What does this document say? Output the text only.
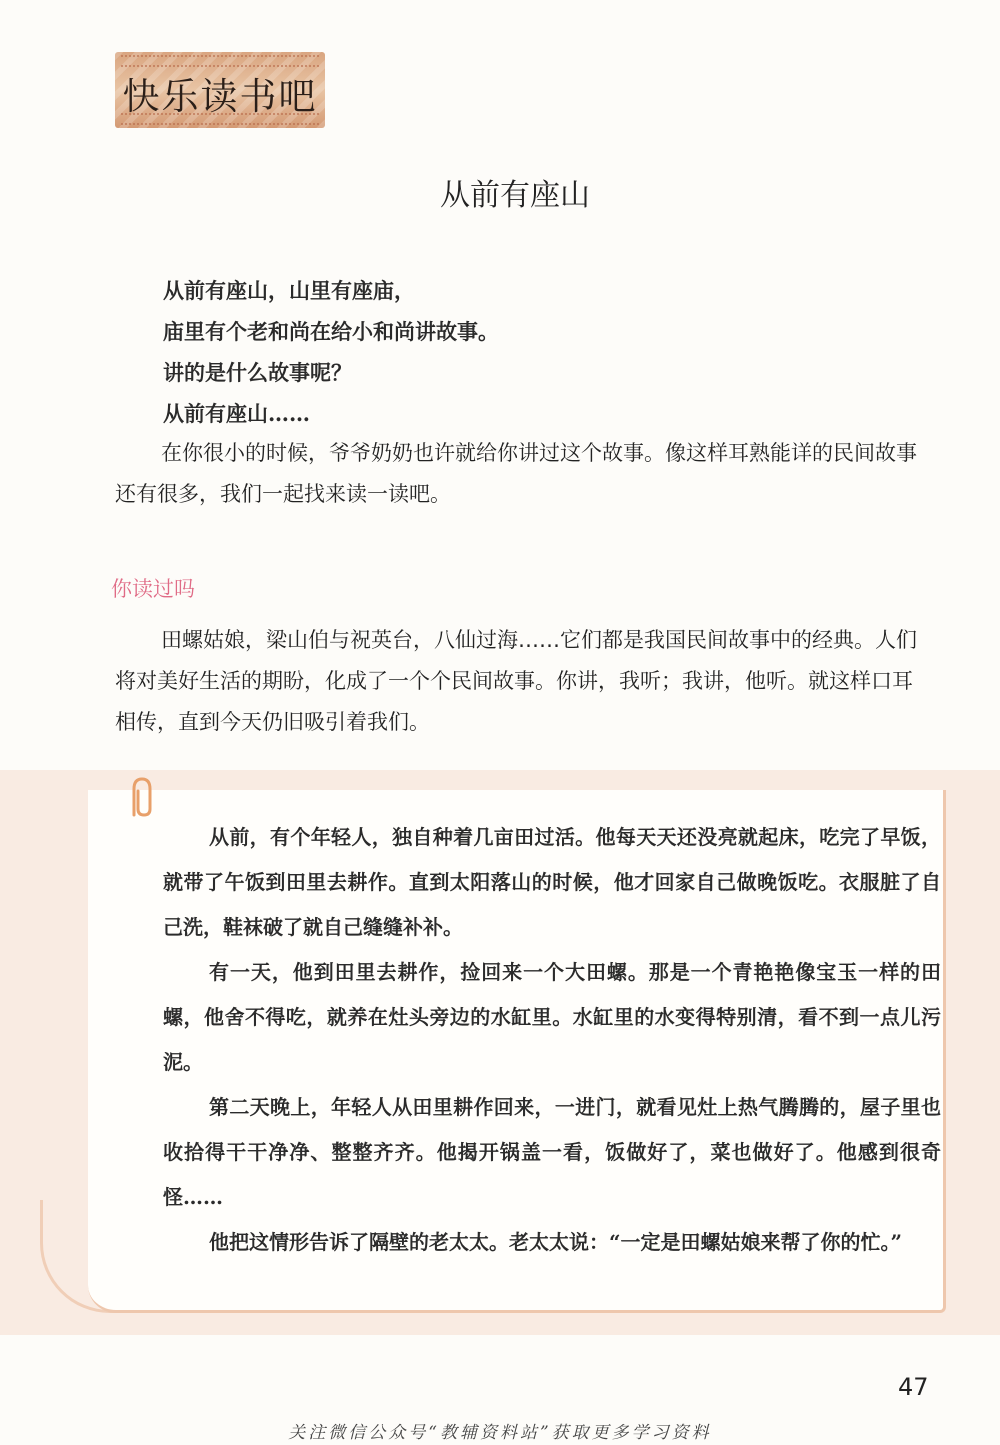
快乐读书吧
从前有座山
从前有座山，山里有座庙，
庙里有个老和尚在给小和尚讲故事。
讲的是什么故事呢？
从前有座山……
在你很小的时候，爷爷奶奶也许就给你讲过这个故事。像这样耳熟能详的民间故事还有很多，我们一起找来读一读吧。
你读过吗
田螺姑娘，梁山伯与祝英台，八仙过海……它们都是我国民间故事中的经典。人们将对美好生活的期盼，化成了一个个民间故事。你讲，我听；我讲，他听。就这样口耳相传，直到今天仍旧吸引着我们。

从前，有个年轻人，独自种着几亩田过活。他每天天还没亮就起床，吃完了早饭，就带了午饭到田里去耕作。直到太阳落山的时候，他才回家自己做晚饭吃。衣服脏了自己洗，鞋袜破了就自己缝缝补补。

有一天，他到田里去耕作，捡回来一个大田螺。那是一个青艳艳像宝玉一样的田螺，他舍不得吃，就养在灶头旁边的水缸里。水缸里的水变得特别清，看不到一点儿污泥。

第二天晚上，年轻人从田里耕作回来，一进门，就看见灶上热气腾腾的，屋子里也收拾得干干净净、整整齐齐。他揭开锅盖一看，饭做好了，菜也做好了。他感到很奇怪……

他把这情形告诉了隔壁的老太太。老太太说：“一定是田螺姑娘来帮了你的忙。”

47
关注微信公众号“教辅资料站”获取更多学习资料
